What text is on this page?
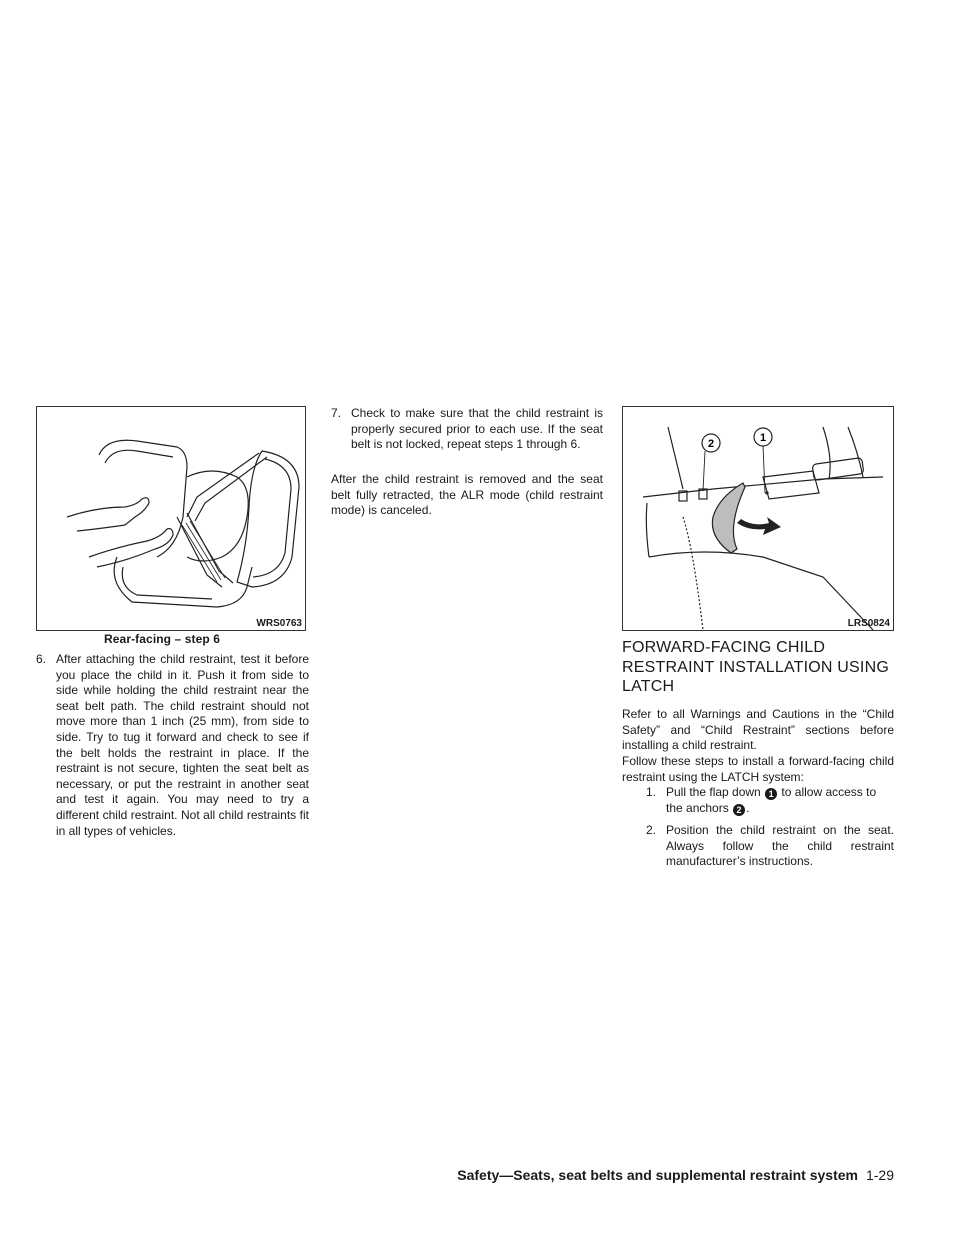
WRS0763
Rear-facing – step 6
2	1
LRS0824
6. After attaching the child restraint, test it before you place the child in it. Push it from side to side while holding the child restraint near the seat belt path. The child restraint should not move more than 1 inch (25 mm), from side to side. Try to tug it forward and check to see if the belt holds the restraint in place. If the restraint is not secure, tighten the seat belt as necessary, or put the restraint in another seat and test it again. You may need to try a different child restraint. Not all child restraints fit in all types of vehicles.
7. Check to make sure that the child restraint is properly secured prior to each use. If the seat belt is not locked, repeat steps 1 through 6.

After the child restraint is removed and the seat belt fully retracted, the ALR mode (child restraint mode) is canceled.

FORWARD-FACING CHILD RESTRAINT INSTALLATION USING LATCH

Refer to all Warnings and Cautions in the “Child Safety” and “Child Restraint” sections before installing a child restraint.

Follow these steps to install a forward-facing child restraint using the LATCH system:

1. Pull the flap down 1 to allow access to the anchors 2 .
2. Position the child restraint on the seat. Always follow the child restraint manufacturer’s instructions.
Safety—Seats, seat belts and supplemental restraint system 1-29
